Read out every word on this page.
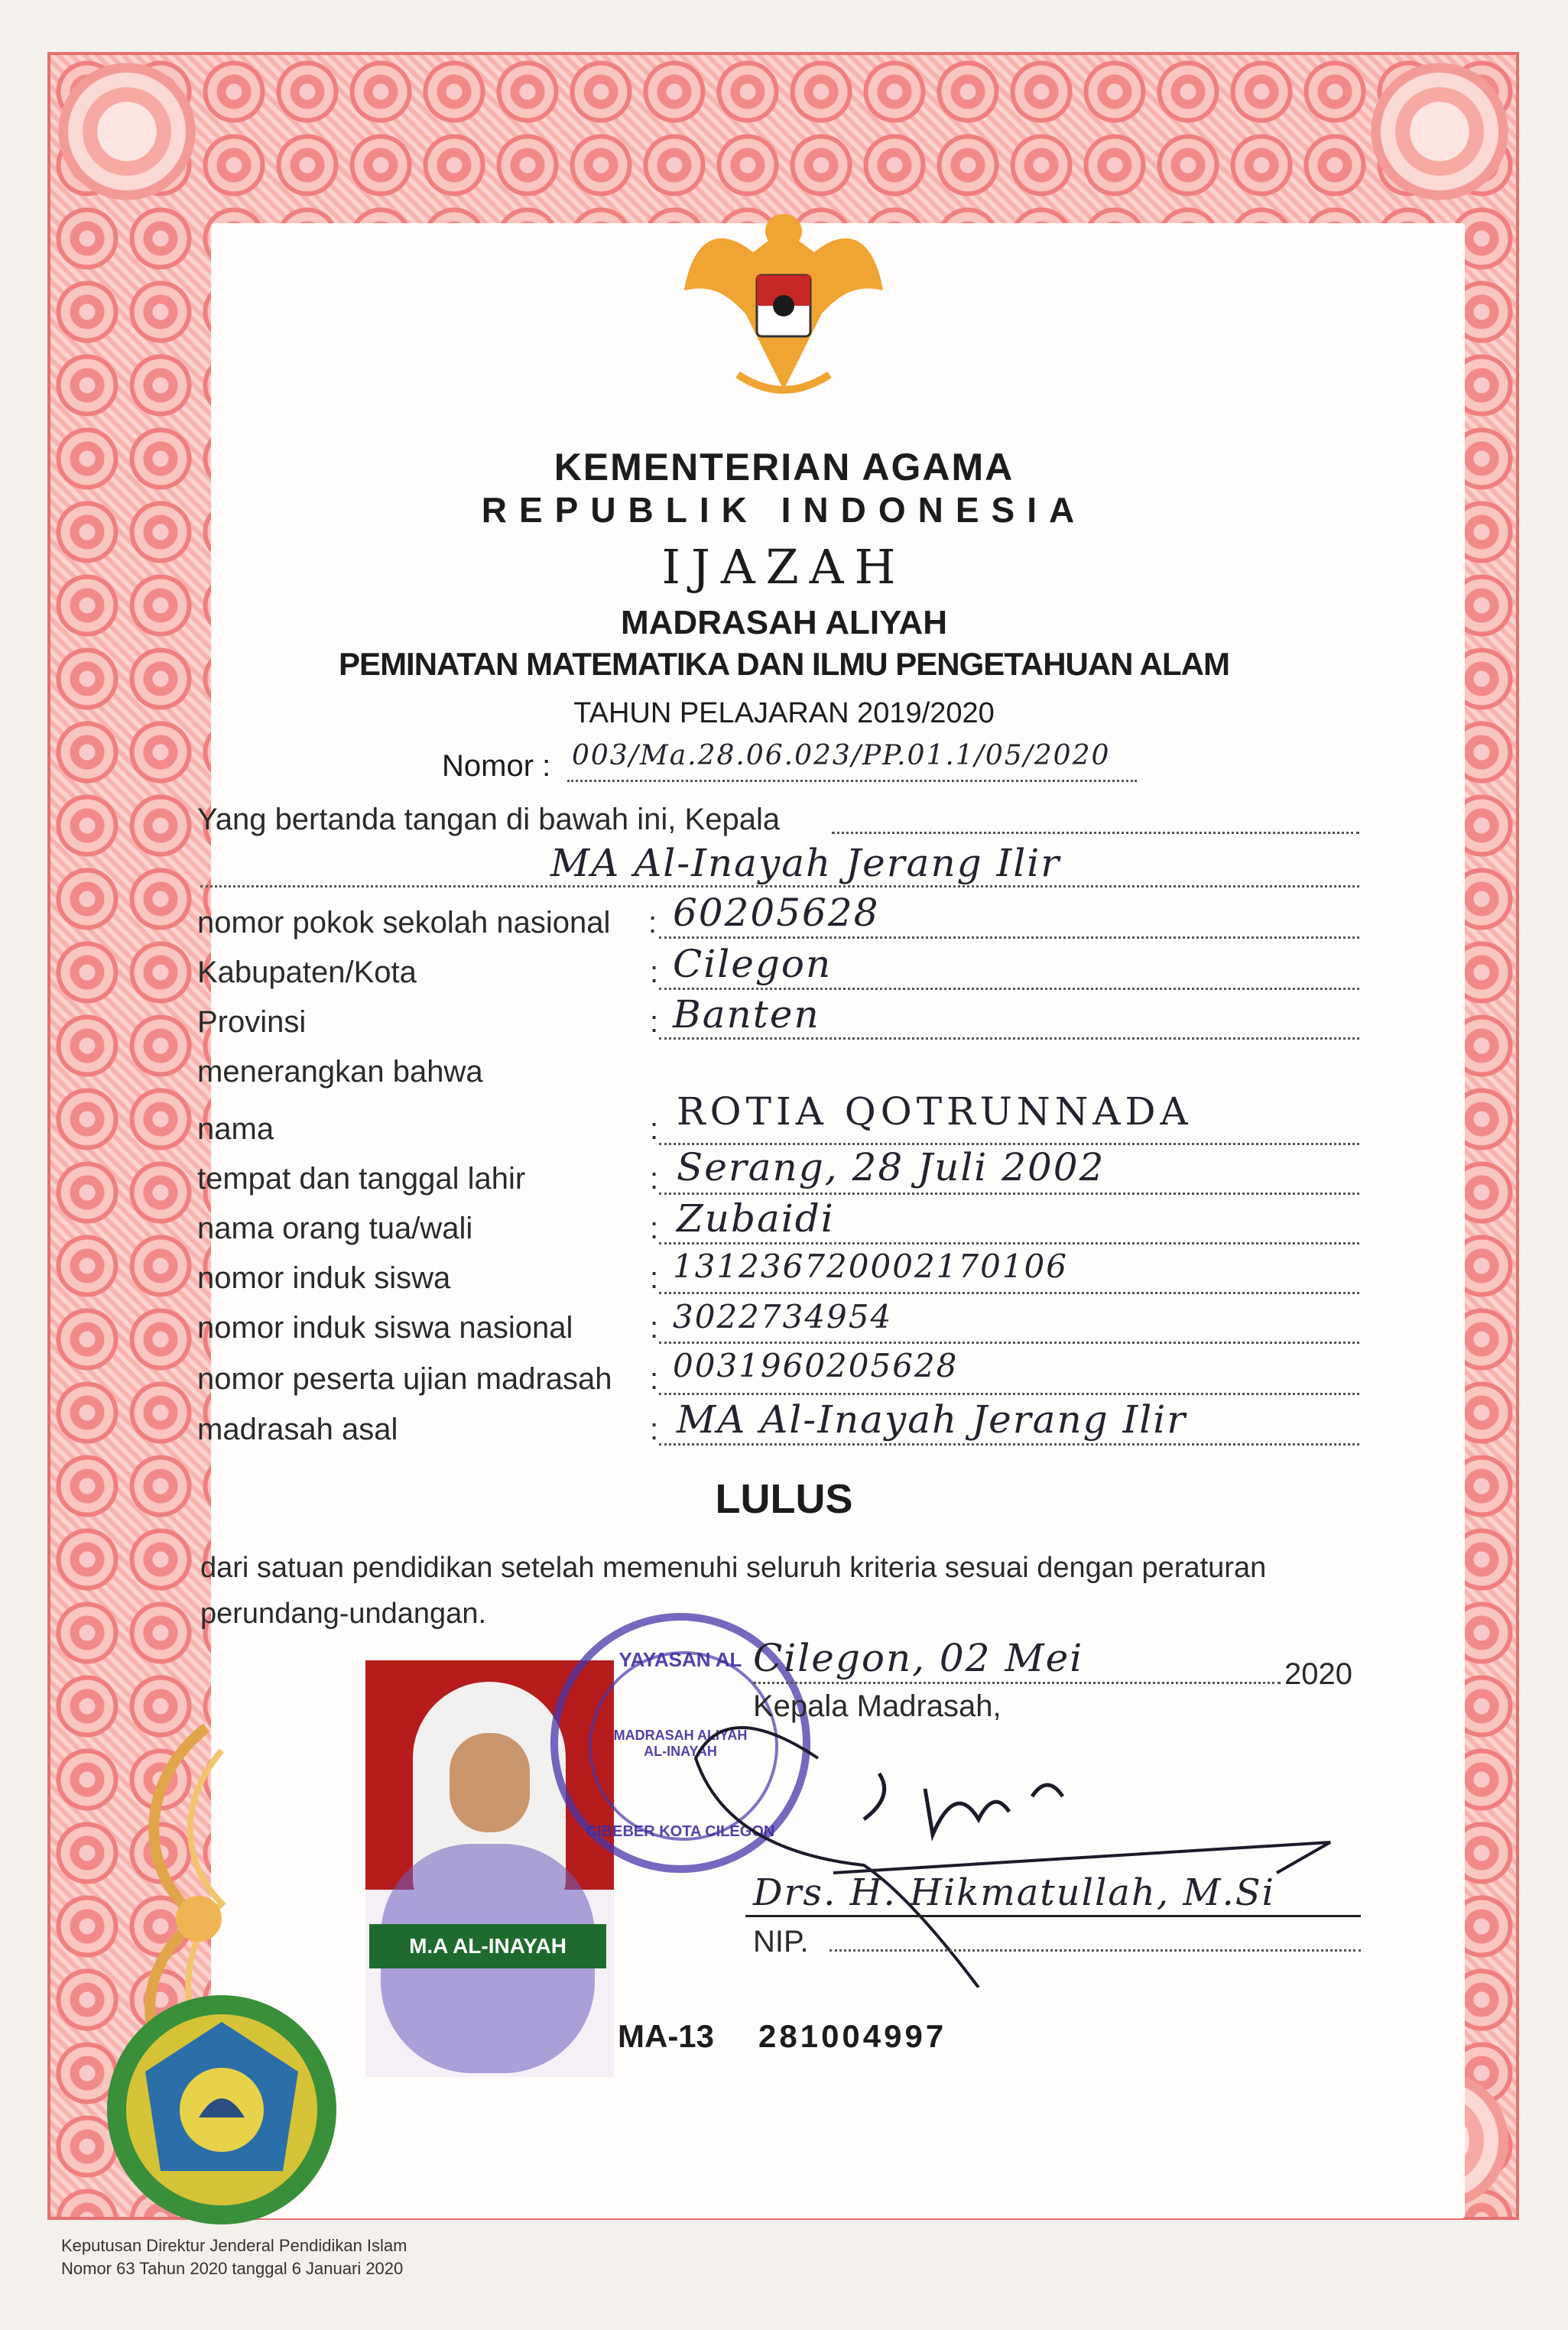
KEMENTERIAN AGAMA
REPUBLIK INDONESIA
IJAZAH
MADRASAH ALIYAH
PEMINATAN MATEMATIKA DAN ILMU PENGETAHUAN ALAM
TAHUN PELAJARAN 2019/2020
Nomor : 003/Ma.28.06.023/PP.01.1/05/2020
Yang bertanda tangan di bawah ini, Kepala
MA Al-Inayah Jerang Ilir
nomor pokok sekolah nasional : 60205628
Kabupaten/Kota	: Cilegon
Provinsi	: Banten
menerangkan bahwa
nama	: ROTIA QOTRUNNADA
tempat dan tanggal lahir	: Serang, 28 Juli 2002
nama orang tua/wali	: Zubaidi
nomor induk siswa	: 131236720002170106
nomor induk siswa nasional	: 3022734954
nomor peserta ujian madrasah : 0031960205628
madrasah asal	: MA Al-Inayah Jerang Ilir
LULUS
dari satuan pendidikan setelah memenuhi seluruh kriteria sesuai dengan peraturan
perundang-undangan.
M.A AL-INAYAH
YAYASAN AL
MADRASAH ALIYAH AL-INAYAH
CIBEBER KOTA CILEGON
Cilegon, 02 Mei	2020
Kepala Madrasah,
Drs. H. Hikmatullah, M.Si
NIP.
MA-13 281004997
Keputusan Direktur Jenderal Pendidikan Islam
Nomor 63 Tahun 2020 tanggal 6 Januari 2020
